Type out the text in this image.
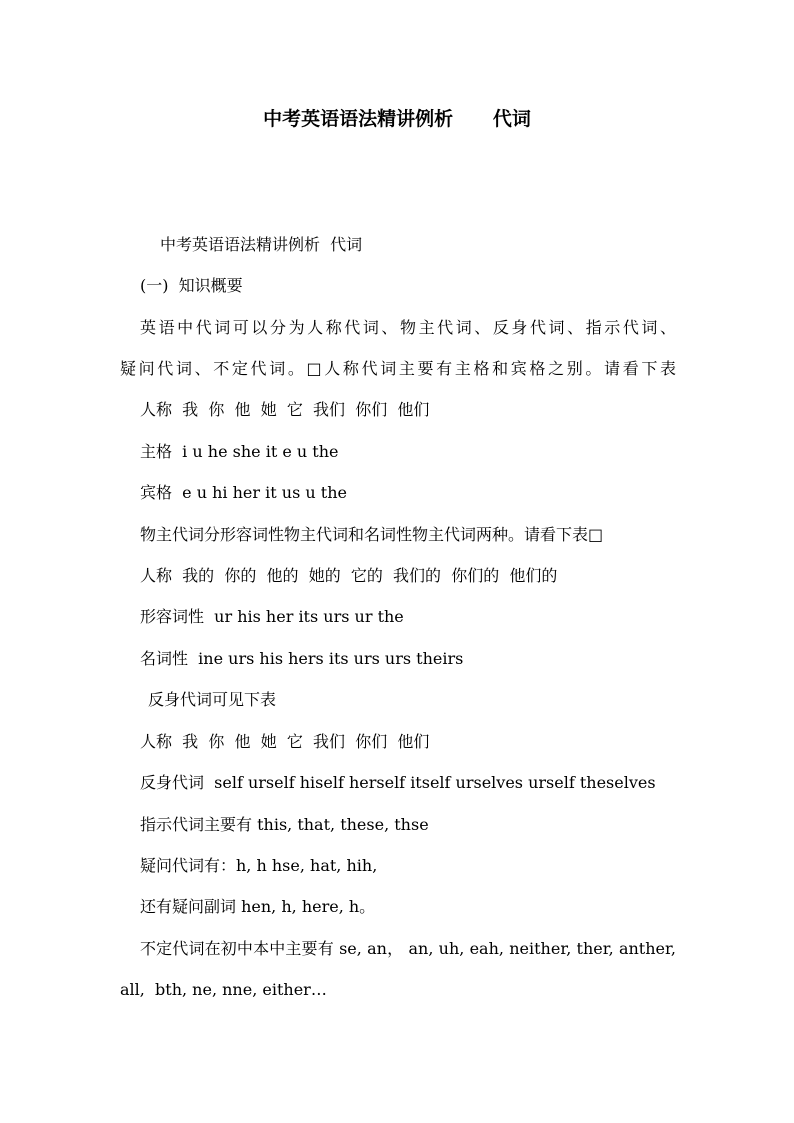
中考英语语法精讲例析      代词
中考英语语法精讲例析  代词
(一)  知识概要
英语中代词可以分为人称代词、物主代词、反身代词、指示代词、
疑问代词、不定代词。□人称代词主要有主格和宾格之别。请看下表
人称  我  你  他  她  它  我们  你们  他们
主格  i u he she it e u the
宾格  e u hi her it us u the
物主代词分形容词性物主代词和名词性物主代词两种。请看下表□
人称  我的  你的  他的  她的  它的  我们的  你们的  他们的
形容词性  ur his her its urs ur the
名词性  ine urs his hers its urs urs theirs
反身代词可见下表
人称  我  你  他  她  它  我们  你们  他们
反身代词  self urself hiself herself itself urselves urself theselves
指示代词主要有 this, that, these, thse
疑问代词有：h, h hse, hat, hih,
还有疑问副词 hen, h, here, h。
不定代词在初中本中主要有 se, an， an, uh, eah, neither, ther, anther,
all,  bth, ne, nne, either…
